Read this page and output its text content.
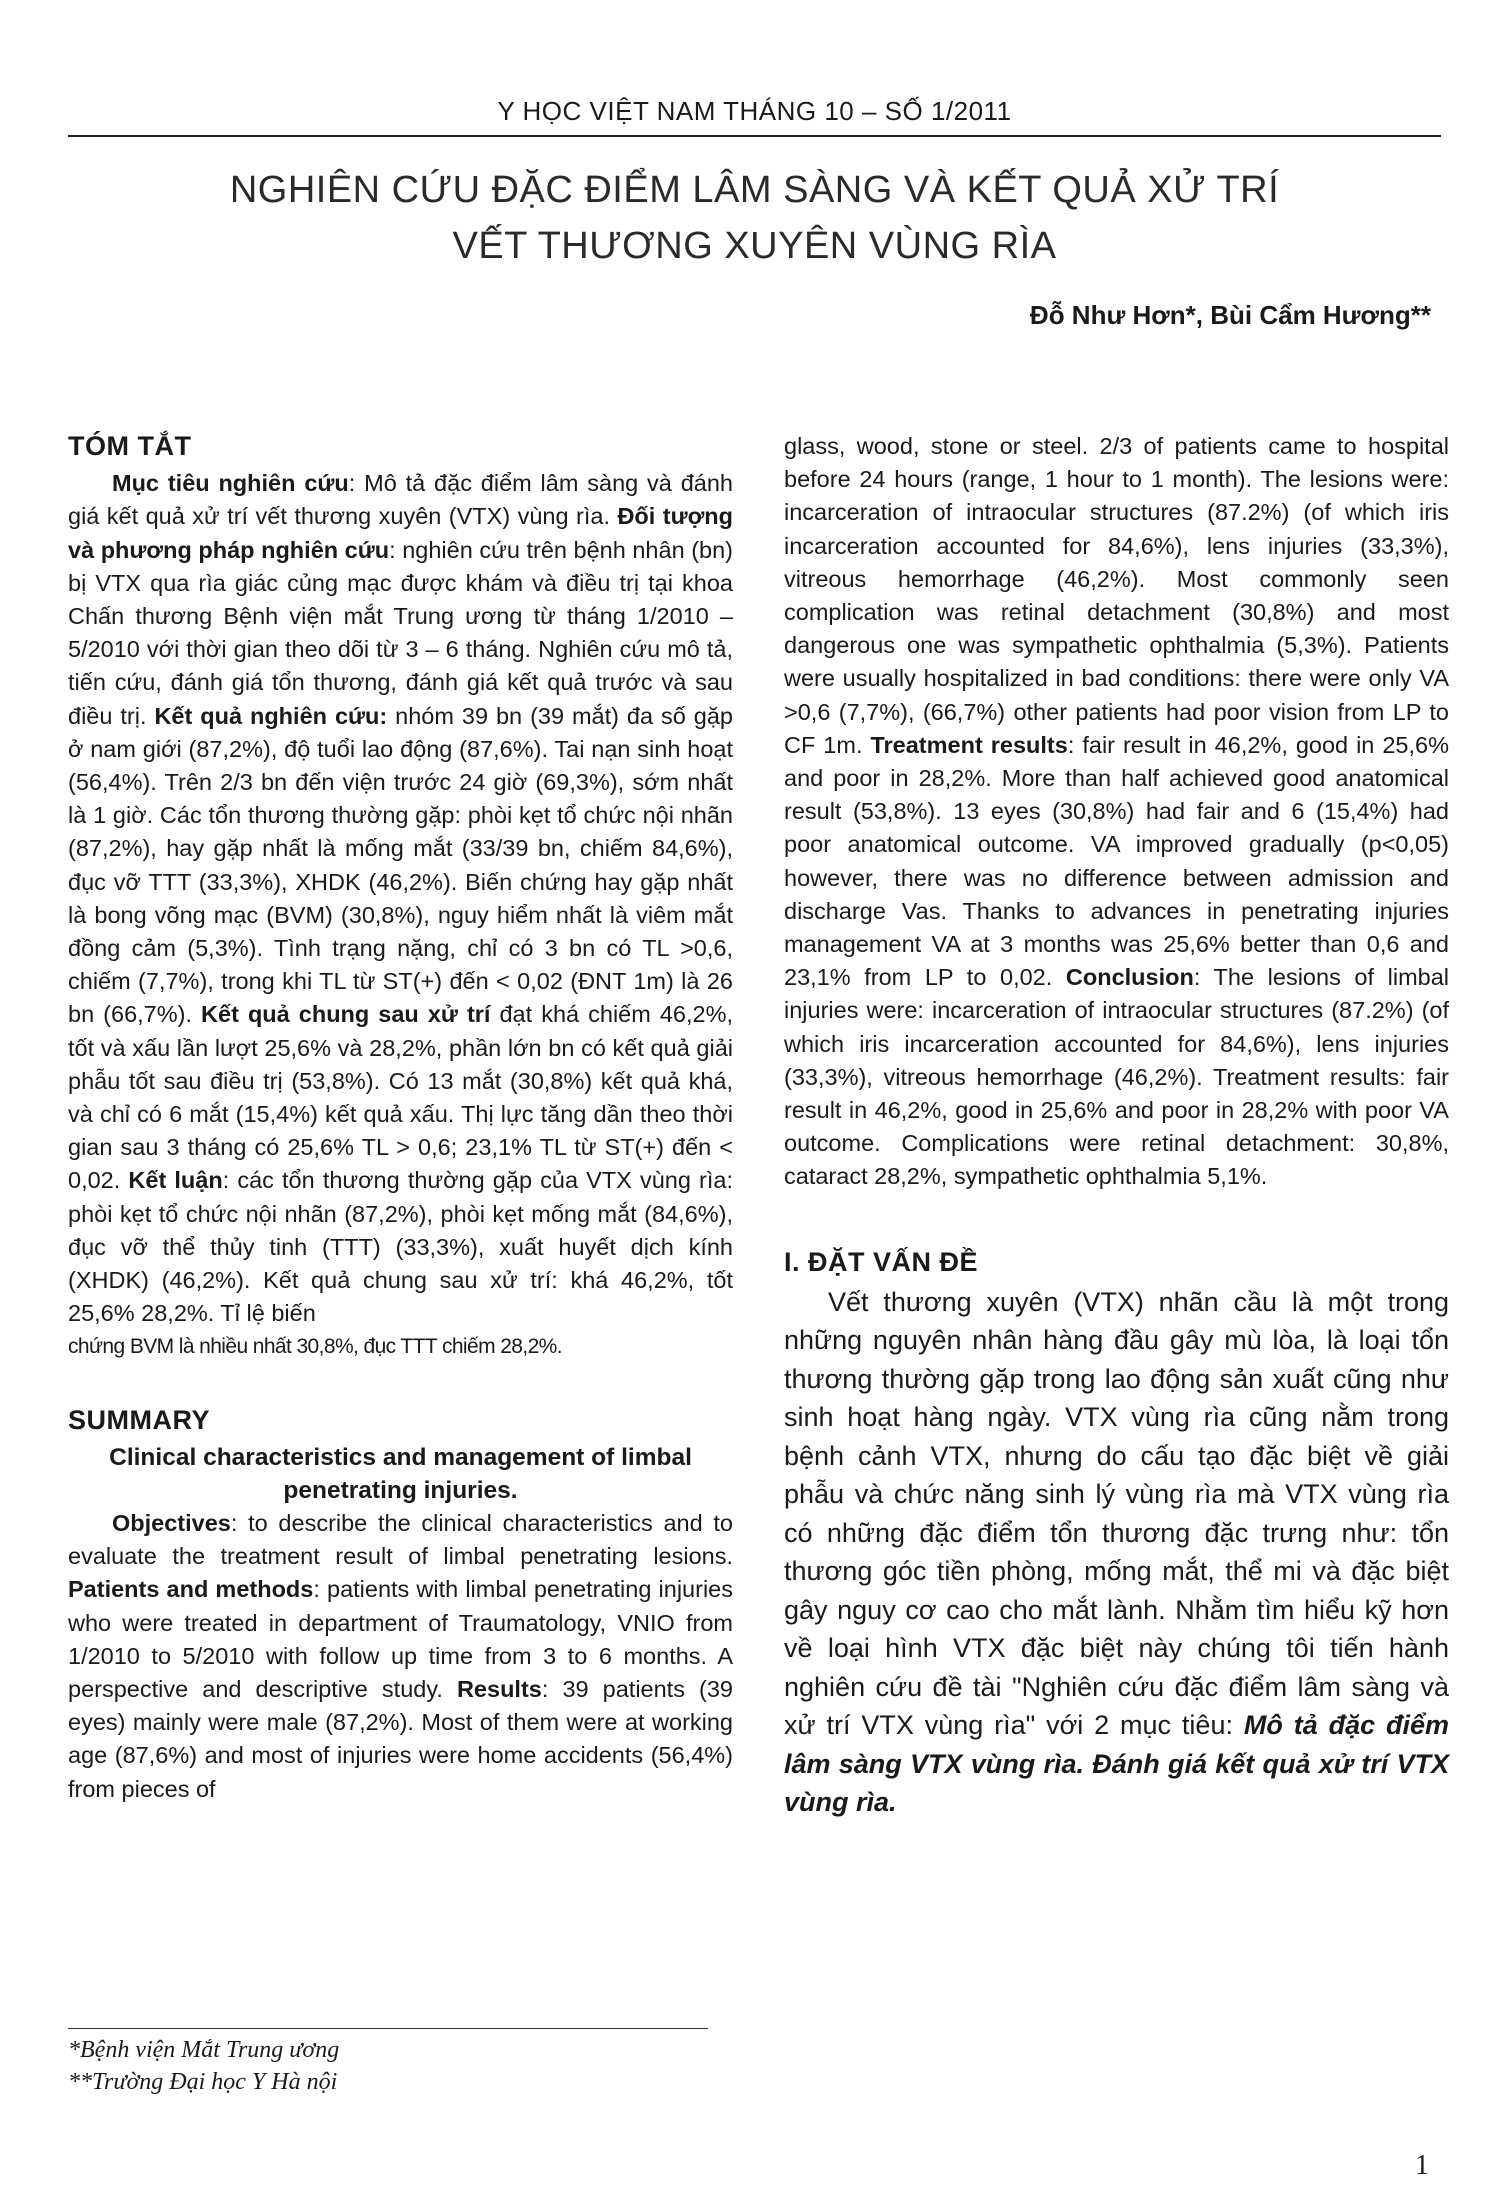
Y HỌC VIỆT NAM THÁNG 10 – SỐ 1/2011
NGHIÊN CỨU ĐẶC ĐIỂM LÂM SÀNG VÀ KẾT QUẢ XỬ TRÍ
VẾT THƯƠNG XUYÊN VÙNG RÌA
Đỗ Như Hơn*, Bùi Cẩm Hương**
TÓM TẮT

Mục tiêu nghiên cứu: Mô tả đặc điểm lâm sàng và đánh giá kết quả xử trí vết thương xuyên (VTX) vùng rìa. Đối tượng và phương pháp nghiên cứu: nghiên cứu trên bệnh nhân (bn) bị VTX qua rìa giác củng mạc được khám và điều trị tại khoa Chấn thương Bệnh viện mắt Trung ương từ tháng 1/2010 – 5/2010 với thời gian theo dõi từ 3 – 6 tháng. Nghiên cứu mô tả, tiến cứu, đánh giá tổn thương, đánh giá kết quả trước và sau điều trị. Kết quả nghiên cứu: nhóm 39 bn (39 mắt) đa số gặp ở nam giới (87,2%), độ tuổi lao động (87,6%). Tai nạn sinh hoạt (56,4%). Trên 2/3 bn đến viện trước 24 giờ (69,3%), sớm nhất là 1 giờ. Các tổn thương thường gặp: phòi kẹt tổ chức nội nhãn (87,2%), hay gặp nhất là mống mắt (33/39 bn, chiếm 84,6%), đục vỡ TTT (33,3%), XHDK (46,2%). Biến chứng hay gặp nhất là bong võng mạc (BVM) (30,8%), nguy hiểm nhất là viêm mắt đồng cảm (5,3%). Tình trạng nặng, chỉ có 3 bn có TL >0,6, chiếm (7,7%), trong khi TL từ ST(+) đến < 0,02 (ĐNT 1m) là 26 bn (66,7%). Kết quả chung sau xử trí đạt khá chiếm 46,2%, tốt và xấu lần lượt 25,6% và 28,2%, phần lớn bn có kết quả giải phẫu tốt sau điều trị (53,8%). Có 13 mắt (30,8%) kết quả khá, và chỉ có 6 mắt (15,4%) kết quả xấu. Thị lực tăng dần theo thời gian sau 3 tháng có 25,6% TL > 0,6; 23,1% TL từ ST(+) đến < 0,02. Kết luận: các tổn thương thường gặp của VTX vùng rìa: phòi kẹt tổ chức nội nhãn (87,2%), phòi kẹt mống mắt (84,6%), đục vỡ thể thủy tinh (TTT) (33,3%), xuất huyết dịch kính (XHDK) (46,2%). Kết quả chung sau xử trí: khá 46,2%, tốt 25,6% 28,2%. Tỉ lệ biến

chứng BVM là nhiều nhất 30,8%, đục TTT chiếm 28,2%.

SUMMARY

Clinical characteristics and management of limbal penetrating injuries.

Objectives: to describe the clinical characteristics and to evaluate the treatment result of limbal penetrating lesions. Patients and methods: patients with limbal penetrating injuries who were treated in department of Traumatology, VNIO from 1/2010 to 5/2010 with follow up time from 3 to 6 months. A perspective and descriptive study. Results: 39 patients (39 eyes) mainly were male (87,2%). Most of them were at working age (87,6%) and most of injuries were home accidents (56,4%) from pieces of

glass, wood, stone or steel. 2/3 of patients came to hospital before 24 hours (range, 1 hour to 1 month). The lesions were: incarceration of intraocular structures (87.2%) (of which iris incarceration accounted for 84,6%), lens injuries (33,3%), vitreous hemorrhage (46,2%). Most commonly seen complication was retinal detachment (30,8%) and most dangerous one was sympathetic ophthalmia (5,3%). Patients were usually hospitalized in bad conditions: there were only VA >0,6 (7,7%), (66,7%) other patients had poor vision from LP to CF 1m. Treatment results: fair result in 46,2%, good in 25,6% and poor in 28,2%. More than half achieved good anatomical result (53,8%). 13 eyes (30,8%) had fair and 6 (15,4%) had poor anatomical outcome. VA improved gradually (p<0,05) however, there was no difference between admission and discharge Vas. Thanks to advances in penetrating injuries management VA at 3 months was 25,6% better than 0,6 and 23,1% from LP to 0,02. Conclusion: The lesions of limbal injuries were: incarceration of intraocular structures (87.2%) (of which iris incarceration accounted for 84,6%), lens injuries (33,3%), vitreous hemorrhage (46,2%). Treatment results: fair result in 46,2%, good in 25,6% and poor in 28,2% with poor VA outcome. Complications were retinal detachment: 30,8%, cataract 28,2%, sympathetic ophthalmia 5,1%.

I. ĐẶT VẤN ĐỀ

Vết thương xuyên (VTX) nhãn cầu là một trong những nguyên nhân hàng đầu gây mù lòa, là loại tổn thương thường gặp trong lao động sản xuất cũng như sinh hoạt hàng ngày. VTX vùng rìa cũng nằm trong bệnh cảnh VTX, nhưng do cấu tạo đặc biệt về giải phẫu và chức năng sinh lý vùng rìa mà VTX vùng rìa có những đặc điểm tổn thương đặc trưng như: tổn thương góc tiền phòng, mống mắt, thể mi và đặc biệt gây nguy cơ cao cho mắt lành. Nhằm tìm hiểu kỹ hơn về loại hình VTX đặc biệt này chúng tôi tiến hành nghiên cứu đề tài "Nghiên cứu đặc điểm lâm sàng và xử trí VTX vùng rìa" với 2 mục tiêu: Mô tả đặc điểm lâm sàng VTX vùng rìa. Đánh giá kết quả xử trí VTX vùng rìa.

*Bệnh viện Mắt Trung ương
**Trường Đại học Y Hà nội
1
